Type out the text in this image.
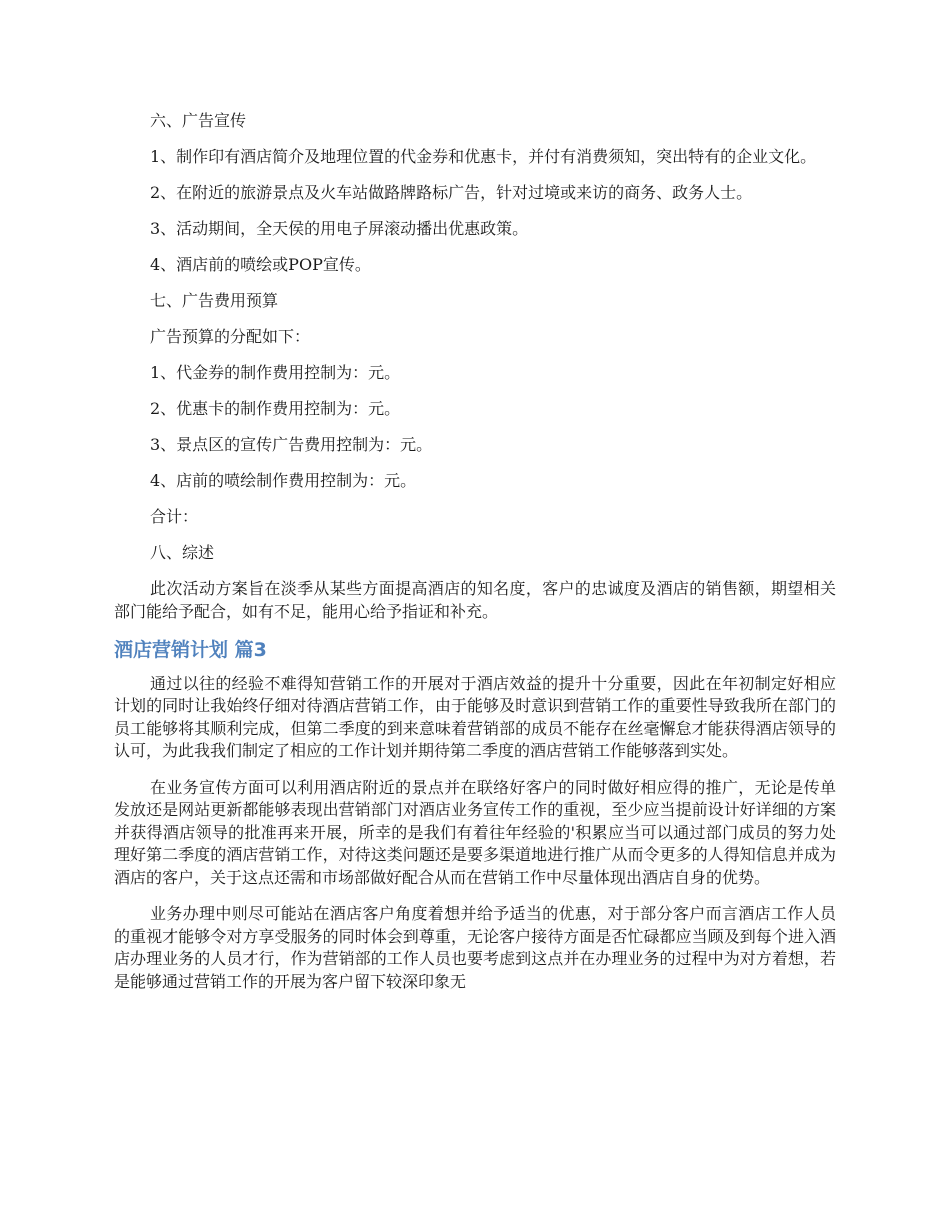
六、广告宣传

1、制作印有酒店简介及地理位置的代金券和优惠卡，并付有消费须知，突出特有的企业文化。

2、在附近的旅游景点及火车站做路牌路标广告，针对过境或来访的商务、政务人士。

3、活动期间，全天侯的用电子屏滚动播出优惠政策。

4、酒店前的喷绘或POP宣传。

七、广告费用预算

广告预算的分配如下：

1、代金券的制作费用控制为：元。

2、优惠卡的制作费用控制为：元。

3、景点区的宣传广告费用控制为：元。

4、店前的喷绘制作费用控制为：元。

合计：

八、综述

此次活动方案旨在淡季从某些方面提高酒店的知名度，客户的忠诚度及酒店的销售额，期望相关部门能给予配合，如有不足，能用心给予指证和补充。

酒店营销计划 篇3

通过以往的经验不难得知营销工作的开展对于酒店效益的提升十分重要，因此在年初制定好相应计划的同时让我始终仔细对待酒店营销工作，由于能够及时意识到营销工作的重要性导致我所在部门的员工能够将其顺利完成，但第二季度的到来意味着营销部的成员不能存在丝毫懈怠才能获得酒店领导的认可，为此我我们制定了相应的工作计划并期待第二季度的酒店营销工作能够落到实处。

在业务宣传方面可以利用酒店附近的景点并在联络好客户的同时做好相应得的推广，无论是传单发放还是网站更新都能够表现出营销部门对酒店业务宣传工作的重视，至少应当提前设计好详细的方案并获得酒店领导的批准再来开展，所幸的是我们有着往年经验的'积累应当可以通过部门成员的努力处理好第二季度的酒店营销工作，对待这类问题还是要多渠道地进行推广从而令更多的人得知信息并成为酒店的客户，关于这点还需和市场部做好配合从而在营销工作中尽量体现出酒店自身的优势。

业务办理中则尽可能站在酒店客户角度着想并给予适当的优惠，对于部分客户而言酒店工作人员的重视才能够令对方享受服务的同时体会到尊重，无论客户接待方面是否忙碌都应当顾及到每个进入酒店办理业务的人员才行，作为营销部的工作人员也要考虑到这点并在办理业务的过程中为对方着想，若是能够通过营销工作的开展为客户留下较深印象无
